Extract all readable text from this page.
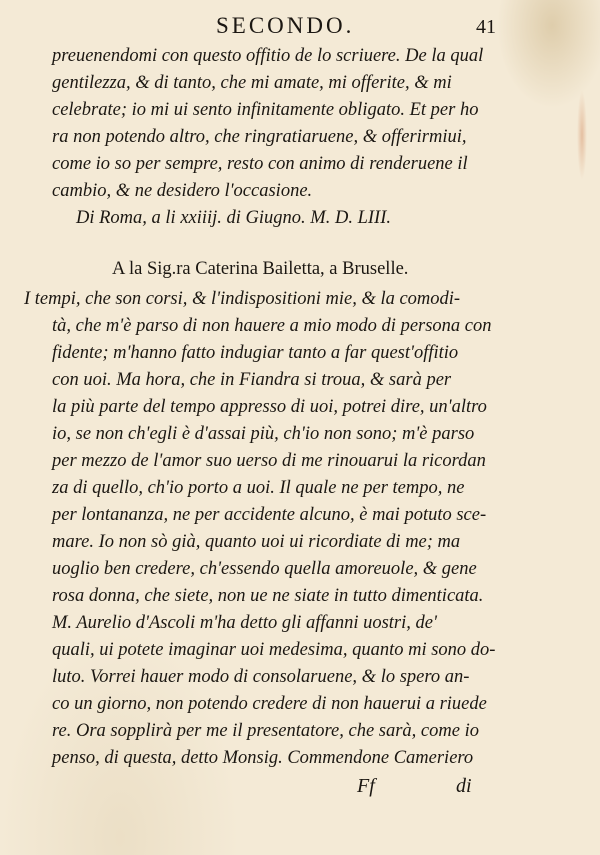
SECONDO.	41
preuenendomi con questo offitio de lo scriuere. De la qual
gentilezza, & di tanto, che mi amate, mi offerite, & mi
celebrate; io mi ui sento infinitamente obligato. Et per ho
ra non potendo altro, che ringratiaruene, & offerirmiui,
come io so per sempre, resto con animo di renderuene il
cambio, & ne desidero l'occasione.
Di Roma, a li xxiiij. di Giugno. M. D. LIII.
A la Sig.ra Caterina Bailetta, a Bruselle.
I tempi, che son corsi, & l'indispositioni mie, & la comodi-
tà, che m'è parso di non hauere a mio modo di persona con
fidente; m'hanno fatto indugiar tanto a far quest'offitio
con uoi. Ma hora, che in Fiandra si troua, & sarà per
la più parte del tempo appresso di uoi, potrei dire, un'altro
io, se non ch'egli è d'assai più, ch'io non sono; m'è parso
per mezzo de l'amor suo uerso di me rinouarui la ricordan
za di quello, ch'io porto a uoi. Il quale ne per tempo, ne
per lontananza, ne per accidente alcuno, è mai potuto sce-
mare. Io non sò già, quanto uoi ui ricordiate di me; ma
uoglio ben credere, ch'essendo quella amoreuole, & gene
rosa donna, che siete, non ue ne siate in tutto dimenticata.
M. Aurelio d'Ascoli m'ha detto gli affanni uostri, de'
quali, ui potete imaginar uoi medesima, quanto mi sono do-
luto. Vorrei hauer modo di consolaruene, & lo spero an-
co un giorno, non potendo credere di non hauerui a riuede
re. Ora sopplirà per me il presentatore, che sarà, come io
penso, di questa, detto Monsig. Commendone Cameriero
Ff	di
